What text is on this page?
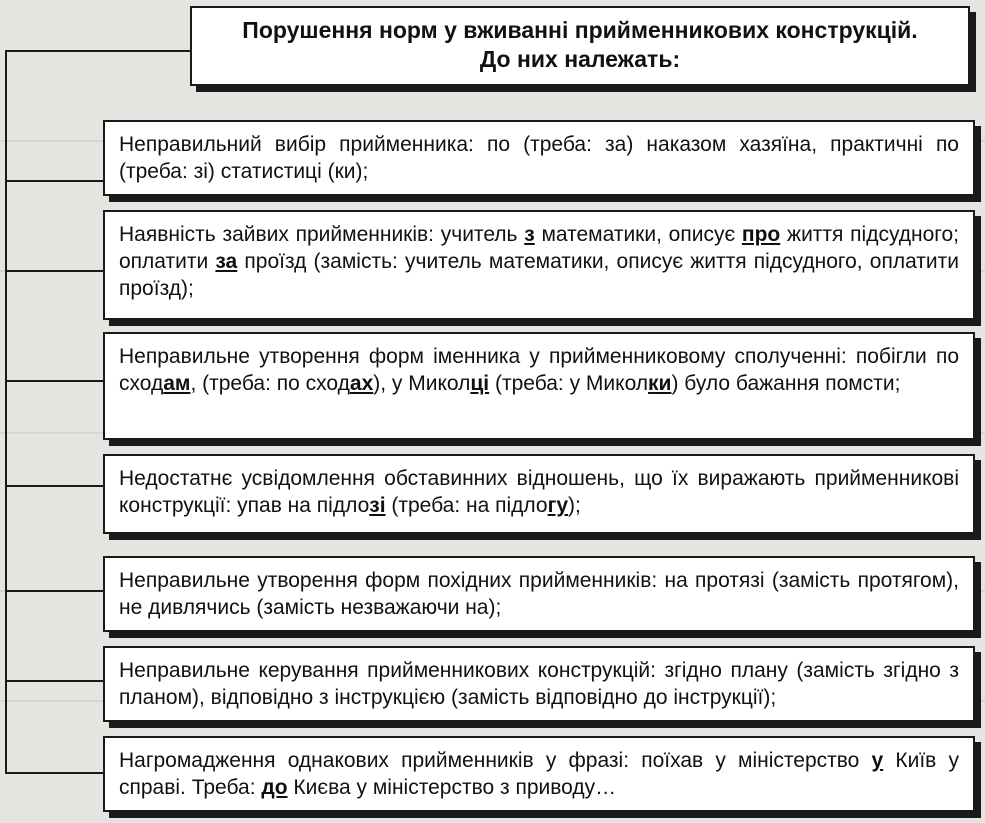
Порушення норм у вживанні прийменникових конструкцій.
До них належать:
Неправильний вибір прийменника: по (треба: за) наказом хазяїна, практичні по (треба: зі) статистиці (ки);
Наявність зайвих прийменників: учитель з математики, описує про життя підсудного; оплатити за проїзд (замість: учитель математики, описує життя підсудного, оплатити проїзд);
Неправильне утворення форм іменника у прийменниковому сполученні: побігли по сходам, (треба: по сходах), у Миколці (треба: у Миколки) було бажання помсти;
Недостатнє усвідомлення обставинних відношень, що їх виражають прийменникові конструкції: упав на підлозі (треба: на підлогу);
Неправильне утворення форм похідних прийменників: на протязі (замість протягом), не дивлячись (замість незважаючи на);
Неправильне керування прийменникових конструкцій: згідно плану (замість згідно з планом), відповідно з інструкцією (замість відповідно до інструкції);
Нагромадження однакових прийменників у фразі: поїхав у міністерство у Київ у справі. Треба: до Києва у міністерство з приводу…
